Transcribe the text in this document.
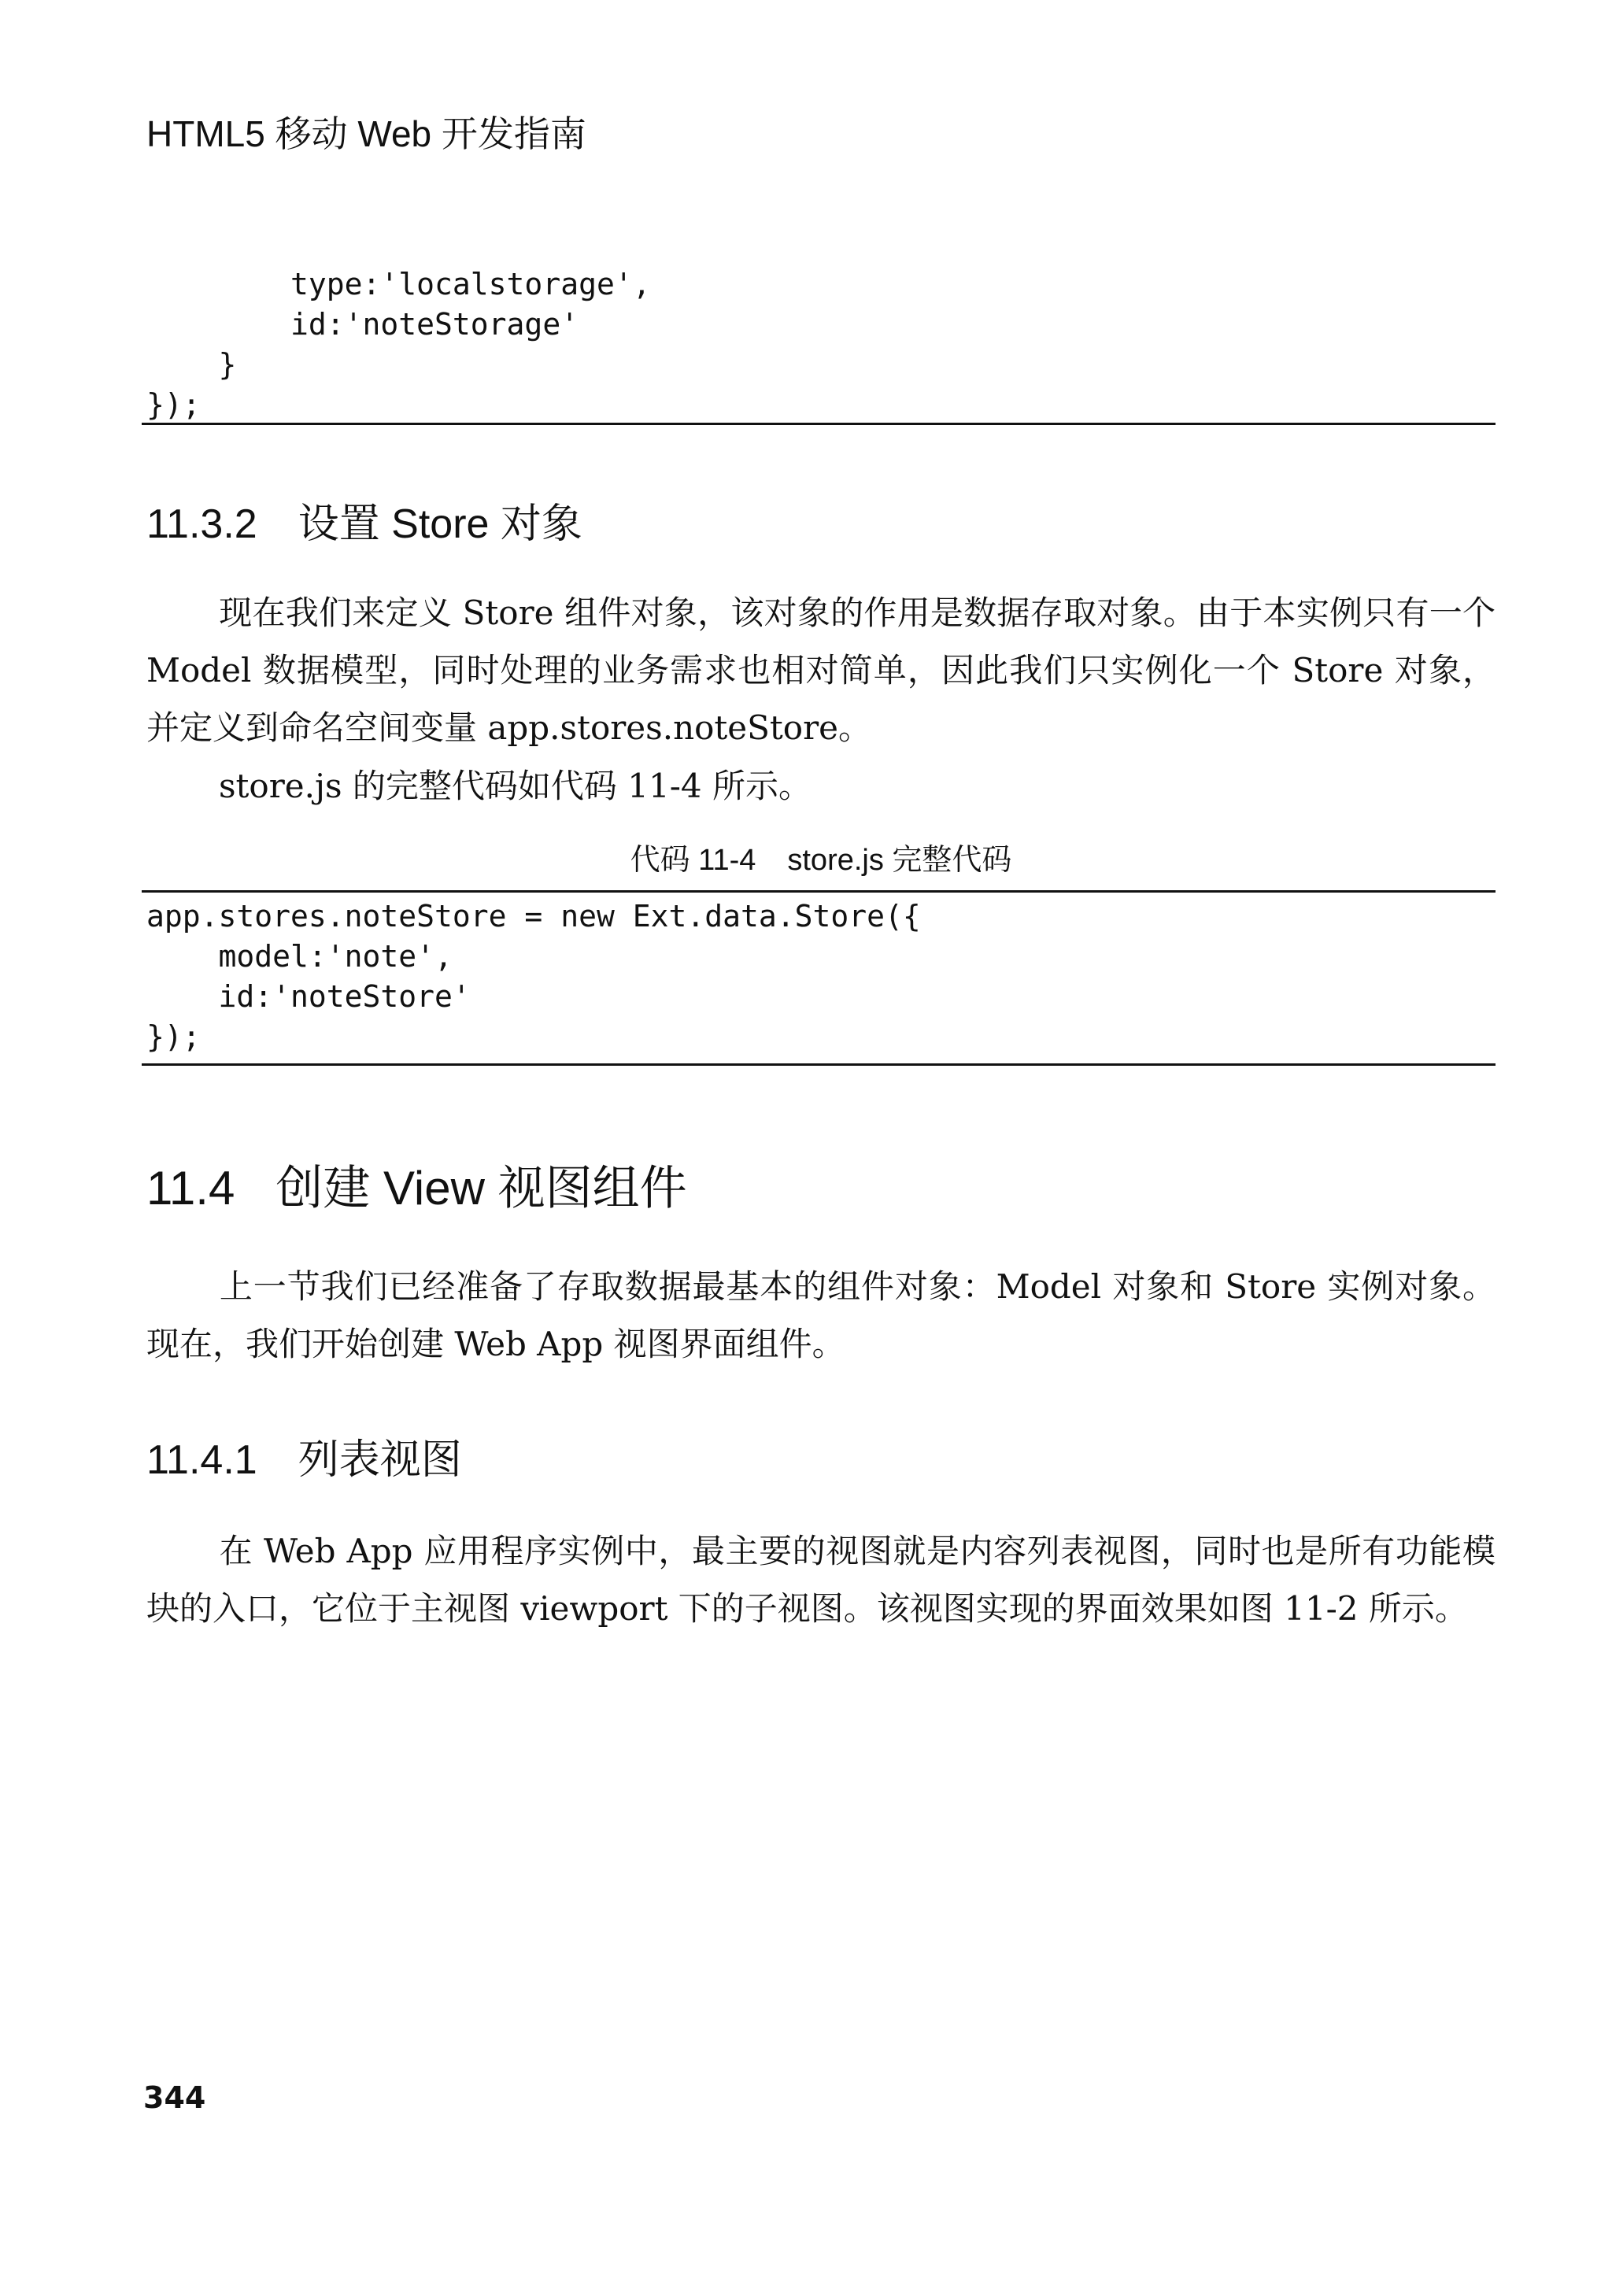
HTML5 移动 Web 开发指南
type:'localstorage',
id:'noteStorage'
}
});
11.3.2 设置 Store 对象

现在我们来定义 Store 组件对象，该对象的作用是数据存取对象。由于本实例只有一个 Model 数据模型，同时处理的业务需求也相对简单，因此我们只实例化一个 Store 对象，并定义到命名空间变量 app.stores.noteStore。

store.js 的完整代码如代码 11-4 所示。

代码 11-4 store.js 完整代码
app.stores.noteStore = new Ext.data.Store({
model:'note',
id:'noteStore'
});
11.4 创建 View 视图组件

上一节我们已经准备了存取数据最基本的组件对象：Model 对象和 Store 实例对象。现在，我们开始创建 Web App 视图界面组件。

11.4.1 列表视图

在 Web App 应用程序实例中，最主要的视图就是内容列表视图，同时也是所有功能模块的入口，它位于主视图 viewport 下的子视图。该视图实现的界面效果如图 11-2 所示。

344
